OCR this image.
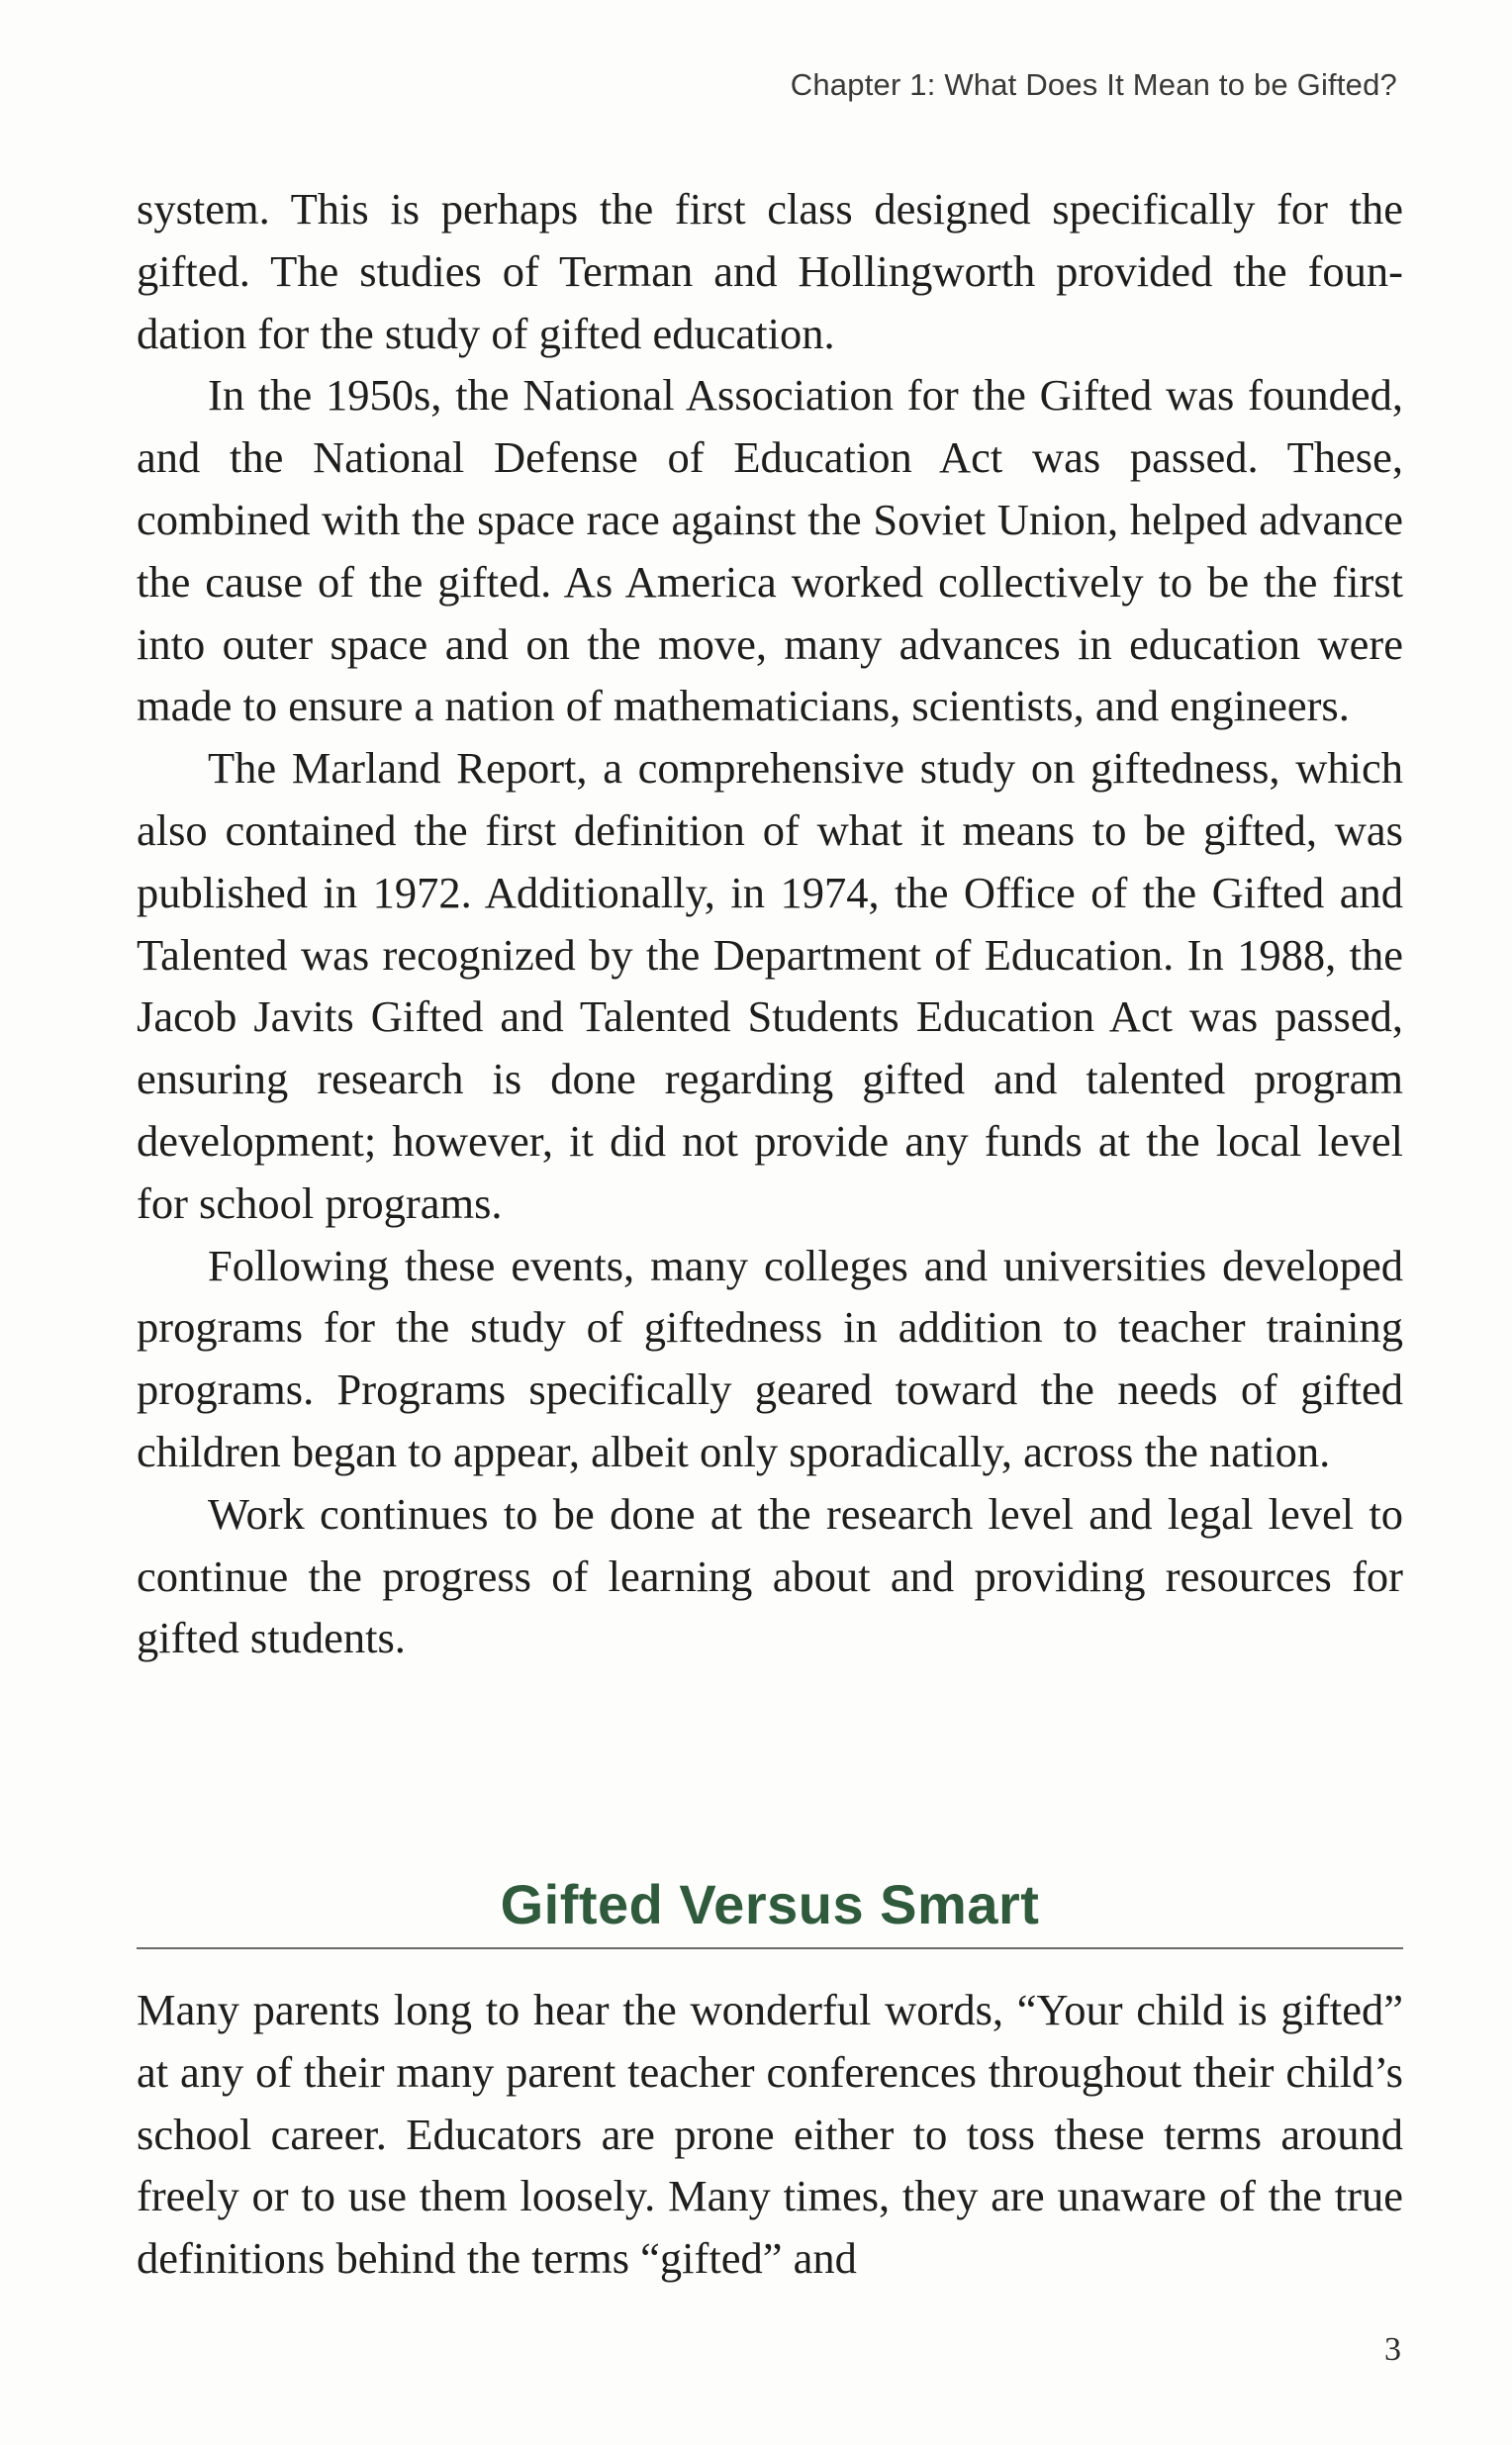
Chapter 1: What Does It Mean to be Gifted?

system. This is perhaps the first class designed specifically for the gifted. The studies of Terman and Hollingworth provided the foundation for the study of gifted education.

In the 1950s, the National Association for the Gifted was founded, and the National Defense of Education Act was passed. These, combined with the space race against the Soviet Union, helped advance the cause of the gifted. As America worked collectively to be the first into outer space and on the move, many advances in education were made to ensure a nation of mathematicians, scientists, and engineers.

The Marland Report, a comprehensive study on giftedness, which also contained the first definition of what it means to be gifted, was published in 1972. Additionally, in 1974, the Office of the Gifted and Talented was recognized by the Department of Education. In 1988, the Jacob Javits Gifted and Talented Students Education Act was passed, ensuring research is done regarding gifted and talented program development; however, it did not provide any funds at the local level for school programs.

Following these events, many colleges and universities developed programs for the study of giftedness in addition to teacher training programs. Programs specifically geared toward the needs of gifted children began to appear, albeit only sporadically, across the nation.

Work continues to be done at the research level and legal level to continue the progress of learning about and providing resources for gifted students.

Gifted Versus Smart

Many parents long to hear the wonderful words, “Your child is gifted” at any of their many parent teacher conferences throughout their child’s school career. Educators are prone either to toss these terms around freely or to use them loosely. Many times, they are unaware of the true definitions behind the terms “gifted” and

3
